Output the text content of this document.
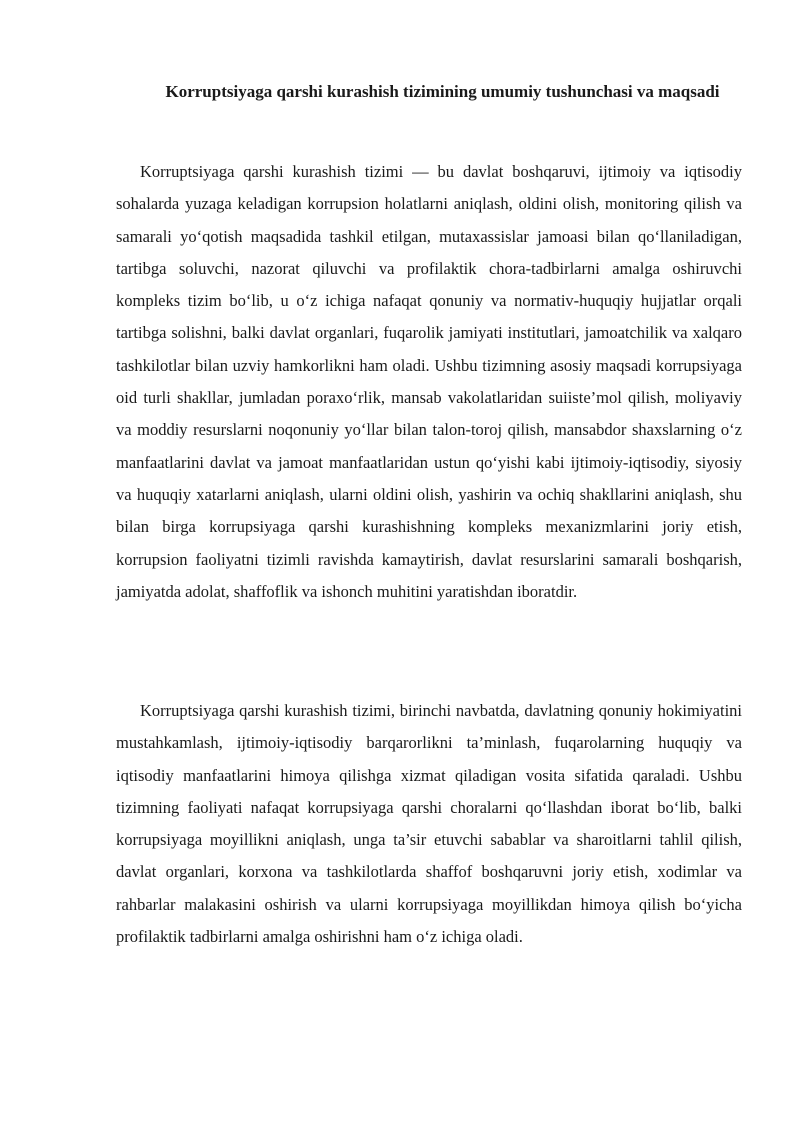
Korruptsiyaga qarshi kurashish tizimining umumiy tushunchasi va maqsadi

Korruptsiyaga qarshi kurashish tizimi — bu davlat boshqaruvi, ijtimoiy va iqtisodiy sohalarda yuzaga keladigan korrupsion holatlarni aniqlash, oldini olish, monitoring qilish va samarali yo‘qotish maqsadida tashkil etilgan, mutaxassislar jamoasi bilan qo‘llaniladigan, tartibga soluvchi, nazorat qiluvchi va profilaktik chora-tadbirlarni amalga oshiruvchi kompleks tizim bo‘lib, u o‘z ichiga nafaqat qonuniy va normativ-huquqiy hujjatlar orqali tartibga solishni, balki davlat organlari, fuqarolik jamiyati institutlari, jamoatchilik va xalqaro tashkilotlar bilan uzviy hamkorlikni ham oladi. Ushbu tizimning asosiy maqsadi korrupsiyaga oid turli shakllar, jumladan poraxo‘rlik, mansab vakolatlaridan suiiste’mol qilish, moliyaviy va moddiy resurslarni noqonuniy yo‘llar bilan talon-toroj qilish, mansabdor shaxslarning o‘z manfaatlarini davlat va jamoat manfaatlaridan ustun qo‘yishi kabi ijtimoiy-iqtisodiy, siyosiy va huquqiy xatarlarni aniqlash, ularni oldini olish, yashirin va ochiq shakllarini aniqlash, shu bilan birga korrupsiyaga qarshi kurashishning kompleks mexanizmlarini joriy etish, korrupsion faoliyatni tizimli ravishda kamaytirish, davlat resurslarini samarali boshqarish, jamiyatda adolat, shaffoflik va ishonch muhitini yaratishdan iboratdir.

Korruptsiyaga qarshi kurashish tizimi, birinchi navbatda, davlatning qonuniy hokimiyatini mustahkamlash, ijtimoiy-iqtisodiy barqarorlikni ta’minlash, fuqarolarning huquqiy va iqtisodiy manfaatlarini himoya qilishga xizmat qiladigan vosita sifatida qaraladi. Ushbu tizimning faoliyati nafaqat korrupsiyaga qarshi choralarni qo‘llashdan iborat bo‘lib, balki korrupsiyaga moyillikni aniqlash, unga ta’sir etuvchi sabablar va sharoitlarni tahlil qilish, davlat organlari, korxona va tashkilotlarda shaffof boshqaruvni joriy etish, xodimlar va rahbarlar malakasini oshirish va ularni korrupsiyaga moyillikdan himoya qilish bo‘yicha profilaktik tadbirlarni amalga oshirishni ham o‘z ichiga oladi.
